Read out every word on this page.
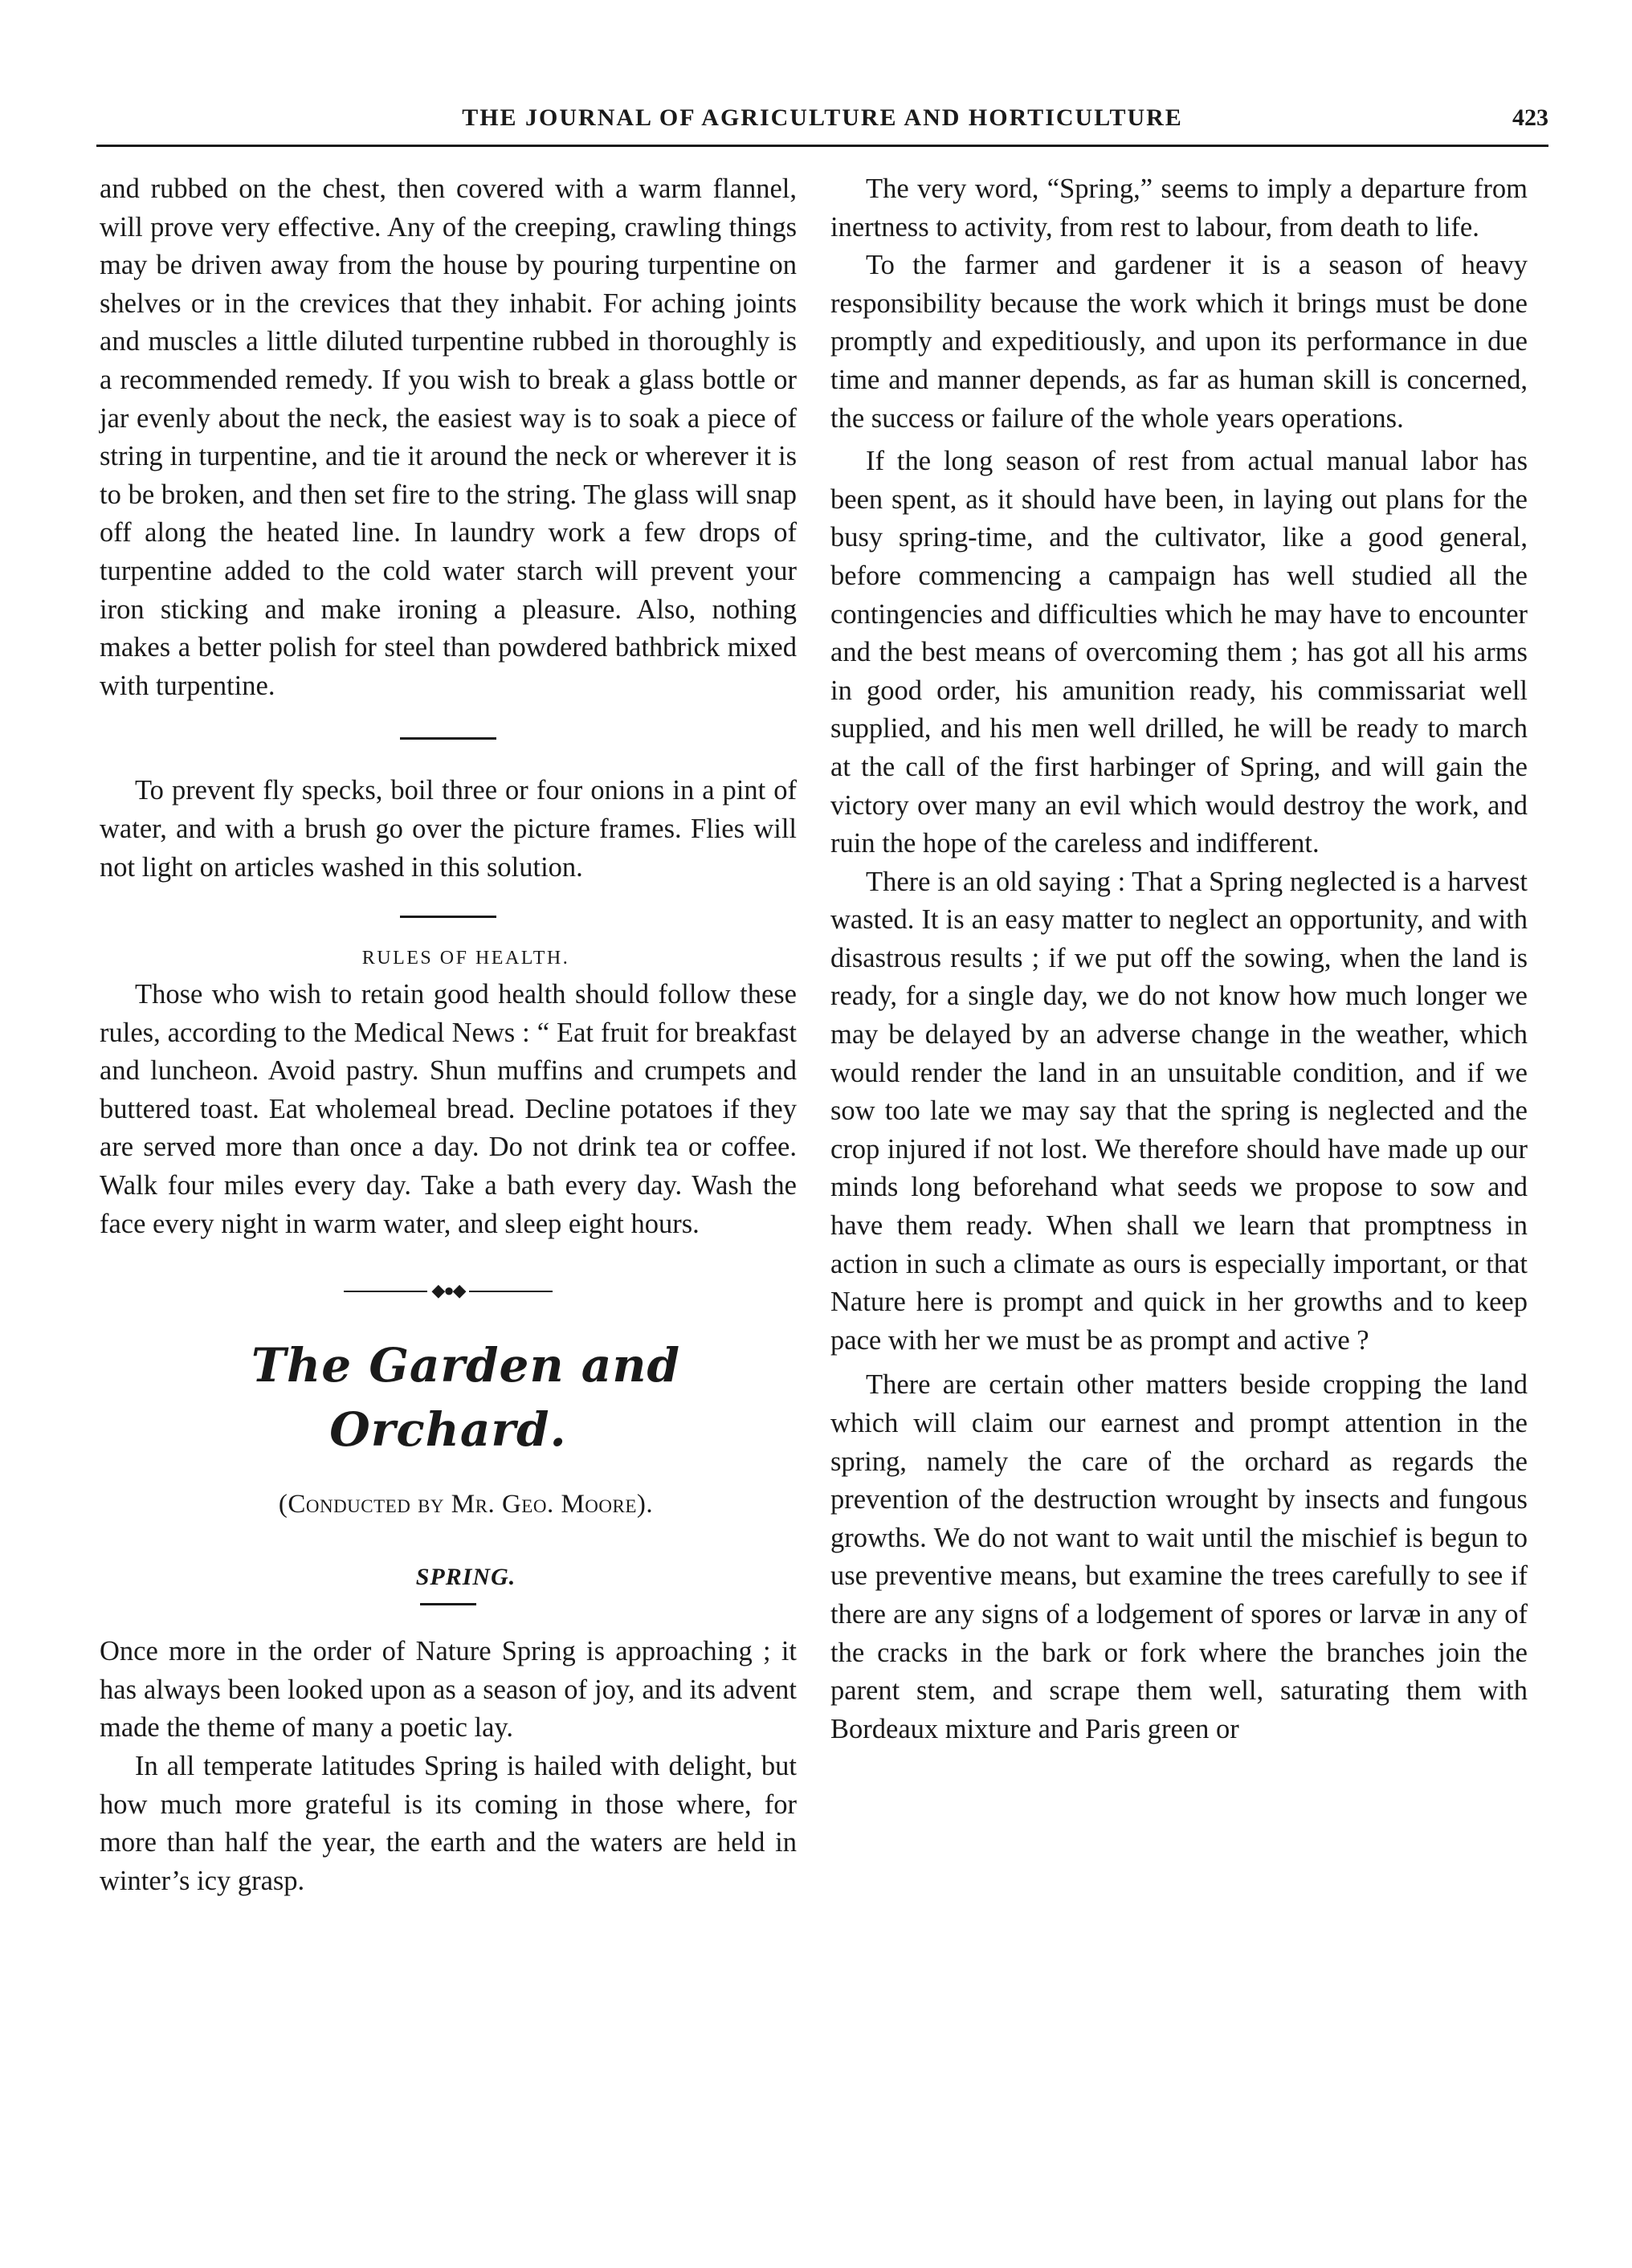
THE JOURNAL OF AGRICULTURE AND HORTICULTURE	423

and rubbed on the chest, then covered with a warm flannel, will prove very effective. Any of the creeping, crawling things may be driven away from the house by pouring turpentine on shelves or in the crevices that they inhabit. For aching joints and muscles a little diluted turpentine rubbed in thoroughly is a recommended remedy. If you wish to break a glass bottle or jar evenly about the neck, the easiest way is to soak a piece of string in turpentine, and tie it around the neck or wherever it is to be broken, and then set fire to the string. The glass will snap off along the heated line. In laundry work a few drops of turpentine added to the cold water starch will prevent your iron sticking and make ironing a pleasure. Also, nothing makes a better polish for steel than powdered bathbrick mixed with turpentine.

To prevent fly specks, boil three or four onions in a pint of water, and with a brush go over the picture frames. Flies will not light on articles washed in this solution.

RULES OF HEALTH.

Those who wish to retain good health should follow these rules, according to the Medical News : “ Eat fruit for breakfast and luncheon. Avoid pastry. Shun muffins and crumpets and buttered toast. Eat wholemeal bread. Decline potatoes if they are served more than once a day. Do not drink tea or coffee. Walk four miles every day. Take a bath every day. Wash the face every night in warm water, and sleep eight hours.

◆●◆

The Garden and Orchard.

(Conducted by Mr. Geo. Moore).

SPRING.

Once more in the order of Nature Spring is approaching ; it has always been looked upon as a season of joy, and its advent made the theme of many a poetic lay.

In all temperate latitudes Spring is hailed with delight, but how much more grateful is its coming in those where, for more than half the year, the earth and the waters are held in winter’s icy grasp.

The very word, “Spring,” seems to imply a departure from inertness to activity, from rest to labour, from death to life.

To the farmer and gardener it is a season of heavy responsibility because the work which it brings must be done promptly and expeditiously, and upon its performance in due time and manner depends, as far as human skill is concerned, the success or failure of the whole years operations.

If the long season of rest from actual manual labor has been spent, as it should have been, in laying out plans for the busy spring-time, and the cultivator, like a good general, before commencing a campaign has well studied all the contingencies and difficulties which he may have to encounter and the best means of overcoming them ; has got all his arms in good order, his amunition ready, his commissariat well supplied, and his men well drilled, he will be ready to march at the call of the first harbinger of Spring, and will gain the victory over many an evil which would destroy the work, and ruin the hope of the careless and indifferent.

There is an old saying : That a Spring neglected is a harvest wasted. It is an easy matter to neglect an opportunity, and with disastrous results ; if we put off the sowing, when the land is ready, for a single day, we do not know how much longer we may be delayed by an adverse change in the weather, which would render the land in an unsuitable condition, and if we sow too late we may say that the spring is neglected and the crop injured if not lost. We therefore should have made up our minds long beforehand what seeds we propose to sow and have them ready. When shall we learn that promptness in action in such a climate as ours is especially important, or that Nature here is prompt and quick in her growths and to keep pace with her we must be as prompt and active ?

There are certain other matters beside cropping the land which will claim our earnest and prompt attention in the spring, namely the care of the orchard as regards the prevention of the destruction wrought by insects and fungous growths. We do not want to wait until the mischief is begun to use preventive means, but examine the trees carefully to see if there are any signs of a lodgement of spores or larvæ in any of the cracks in the bark or fork where the branches join the parent stem, and scrape them well, saturating them with Bordeaux mixture and Paris green or
